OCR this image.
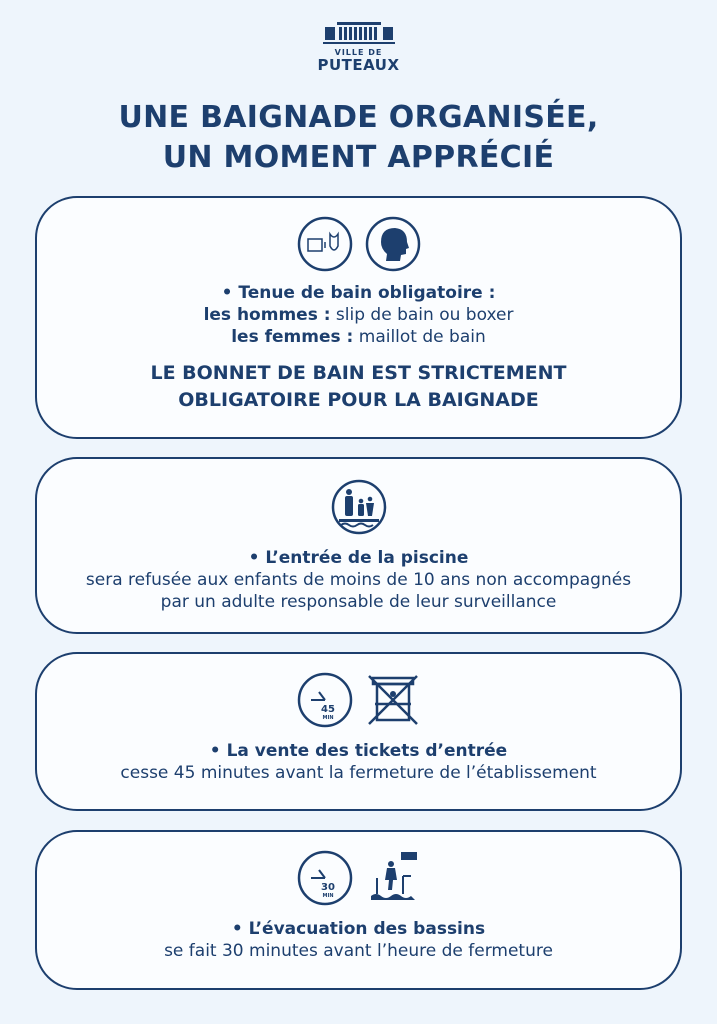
VILLE DE
PUTEAUX
UNE BAIGNADE ORGANISÉE,
UN MOMENT APPRÉCIÉ
• Tenue de bain obligatoire :
les hommes : slip de bain ou boxer
les femmes : maillot de bain
LE BONNET DE BAIN EST STRICTEMENT
OBLIGATOIRE POUR LA BAIGNADE
• L’entrée de la piscine
sera refusée aux enfants de moins de 10 ans non accompagnés
par un adulte responsable de leur surveillance
45
MIN
• La vente des tickets d’entrée
cesse 45 minutes avant la fermeture de l’établissement
30
MIN
• L’évacuation des bassins
se fait 30 minutes avant l’heure de fermeture
